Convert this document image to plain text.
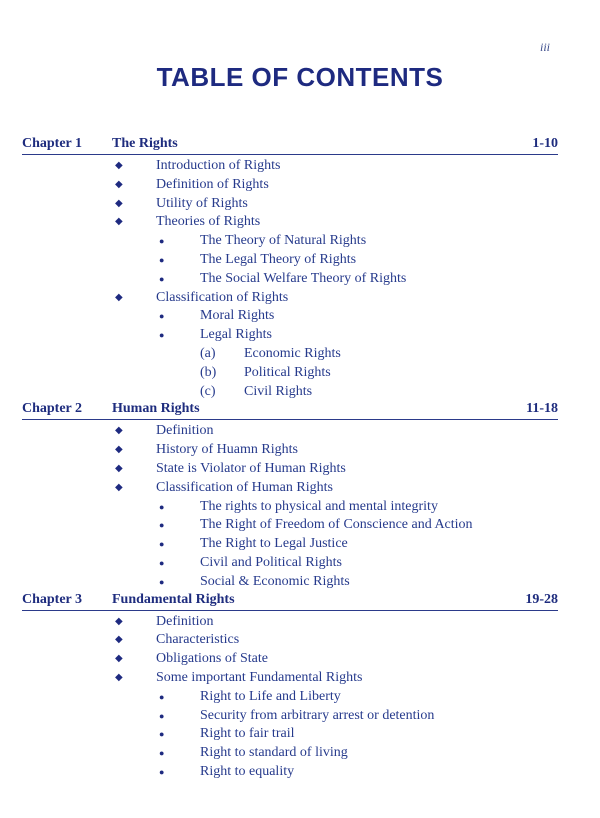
iii
TABLE OF CONTENTS
Chapter 1	The Rights	1-10
◆ Introduction of Rights
◆ Definition of Rights
◆ Utility of Rights
◆ Theories of Rights
●	The Theory of Natural Rights
●	The Legal Theory of Rights
●	The Social Welfare Theory of Rights
◆ Classification of Rights
●	Moral Rights
●	Legal Rights
(a) Economic Rights
(b) Political Rights
(c) Civil Rights
Chapter 2	Human Rights	11-18
◆ Definition
◆ History of Huamn Rights
◆ State is Violator of Human Rights
◆ Classification of Human Rights
●	The rights to physical and mental integrity
●	The Right of Freedom of Conscience and Action
●	The Right to Legal Justice
●	Civil and Political Rights
●	Social & Economic Rights
Chapter 3	Fundamental Rights	19-28
◆ Definition
◆ Characteristics
◆ Obligations of State
◆ Some important Fundamental Rights
●	Right to Life and Liberty
●	Security from arbitrary arrest or detention
●	Right to fair trail
●	Right to standard of living
●	Right to equality
